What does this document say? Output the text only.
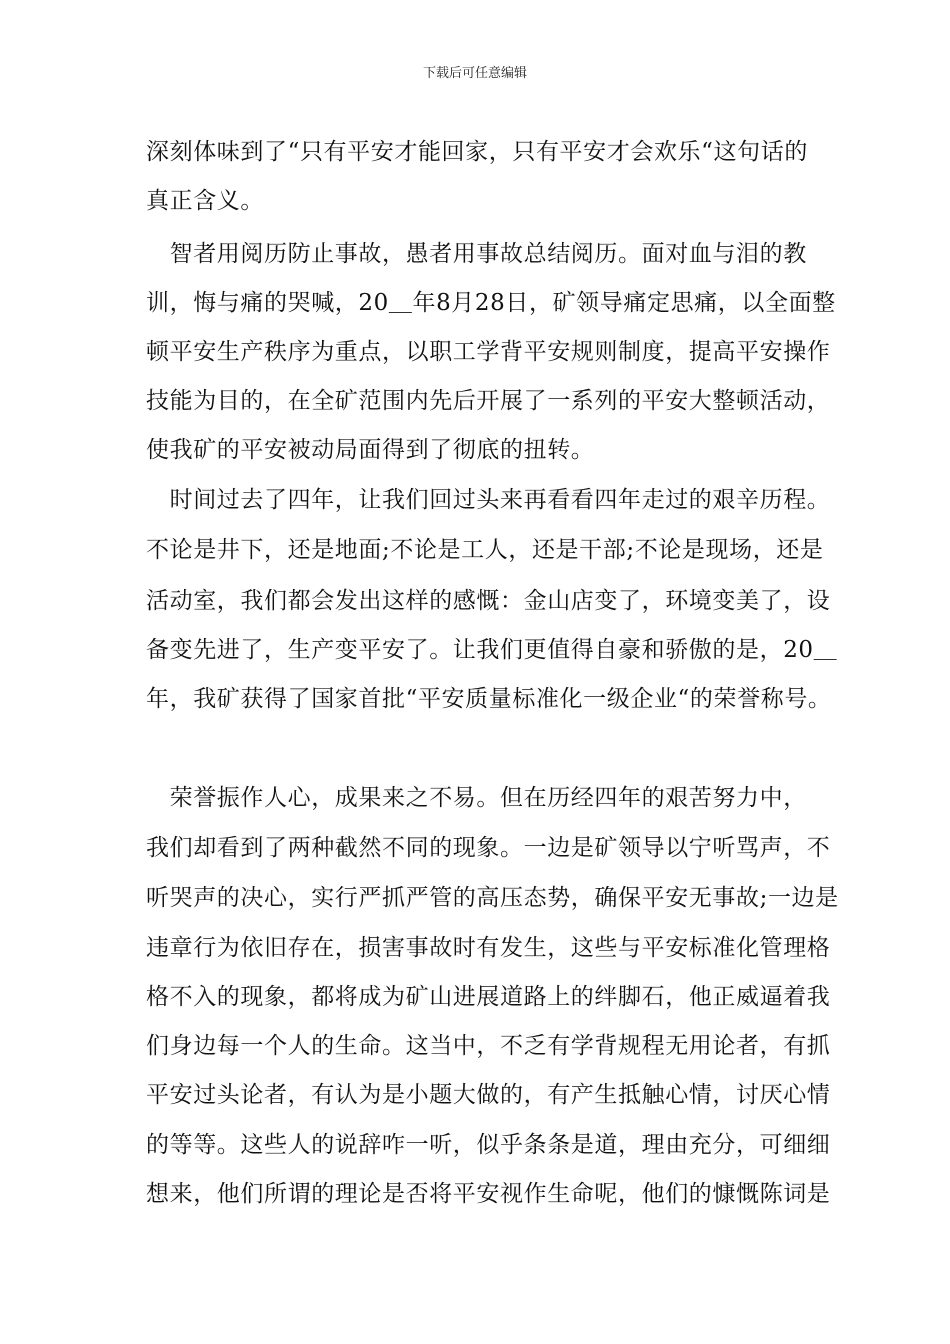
下载后可任意编辑
深刻体味到了“只有平安才能回家，只有平安才会欢乐“这句话的
真正含义。
　智者用阅历防止事故，愚者用事故总结阅历。面对血与泪的教
训，悔与痛的哭喊，20＿年8月28日，矿领导痛定思痛，以全面整
顿平安生产秩序为重点，以职工学背平安规则制度，提高平安操作
技能为目的，在全矿范围内先后开展了一系列的平安大整顿活动，
使我矿的平安被动局面得到了彻底的扭转。
　时间过去了四年，让我们回过头来再看看四年走过的艰辛历程。
不论是井下，还是地面;不论是工人，还是干部;不论是现场，还是
活动室，我们都会发出这样的感慨：金山店变了，环境变美了，设
备变先进了，生产变平安了。让我们更值得自豪和骄傲的是，20＿
年，我矿获得了国家首批“平安质量标准化一级企业“的荣誉称号。
　荣誉振作人心，成果来之不易。但在历经四年的艰苦努力中，
我们却看到了两种截然不同的现象。一边是矿领导以宁听骂声，不
听哭声的决心，实行严抓严管的高压态势，确保平安无事故;一边是
违章行为依旧存在，损害事故时有发生，这些与平安标准化管理格
格不入的现象，都将成为矿山进展道路上的绊脚石，他正威逼着我
们身边每一个人的生命。这当中，不乏有学背规程无用论者，有抓
平安过头论者，有认为是小题大做的，有产生抵触心情，讨厌心情
的等等。这些人的说辞咋一听，似乎条条是道，理由充分，可细细
想来，他们所谓的理论是否将平安视作生命呢，他们的慷慨陈词是
